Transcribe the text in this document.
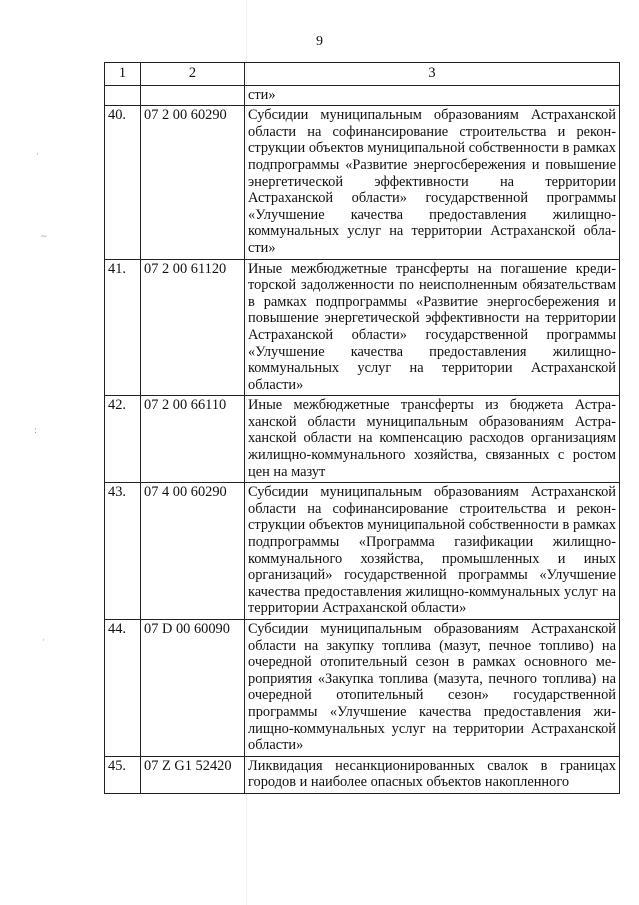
·
~
:
·
9
1	2	3
		сти»
40.	07 2 00 60290	Субсидии муниципальным образованиям Астраханской области на софинансирование строительства и реконструкции объектов муниципальной собственности в рамках подпрограммы «Развитие энергосбережения и повышение энергетической эффективности на территории Астраханской области» государственной программы «Улучшение качества предоставления жилищно-коммунальных услуг на территории Астраханской области»
41.	07 2 00 61120	Иные межбюджетные трансферты на погашение кредиторской задолженности по неисполненным обязательствам в рамках подпрограммы «Развитие энергосбережения и повышение энергетической эффективности на территории Астраханской области» государственной программы «Улучшение качества предоставления жилищно-коммунальных услуг на территории Астраханской области»
42.	07 2 00 66110	Иные межбюджетные трансферты из бюджета Астраханской области муниципальным образованиям Астраханской области на компенсацию расходов организациям жилищно-коммунального хозяйства, связанных с ростом цен на мазут
43.	07 4 00 60290	Субсидии муниципальным образованиям Астраханской области на софинансирование строительства и реконструкции объектов муниципальной собственности в рамках подпрограммы «Программа газификации жилищно-коммунального хозяйства, промышленных и иных организаций» государственной программы «Улучшение качества предоставления жилищно-коммунальных услуг на территории Астраханской области»
44.	07 D 00 60090	Субсидии муниципальным образованиям Астраханской области на закупку топлива (мазут, печное топливо) на очередной отопительный сезон в рамках основного мероприятия «Закупка топлива (мазута, печного топлива) на очередной отопительный сезон» государственной программы «Улучшение качества предоставления жилищно-коммунальных услуг на территории Астраханской области»
45.	07 Z G1 52420	Ликвидация несанкционированных свалок в границах городов и наиболее опасных объектов накопленного
